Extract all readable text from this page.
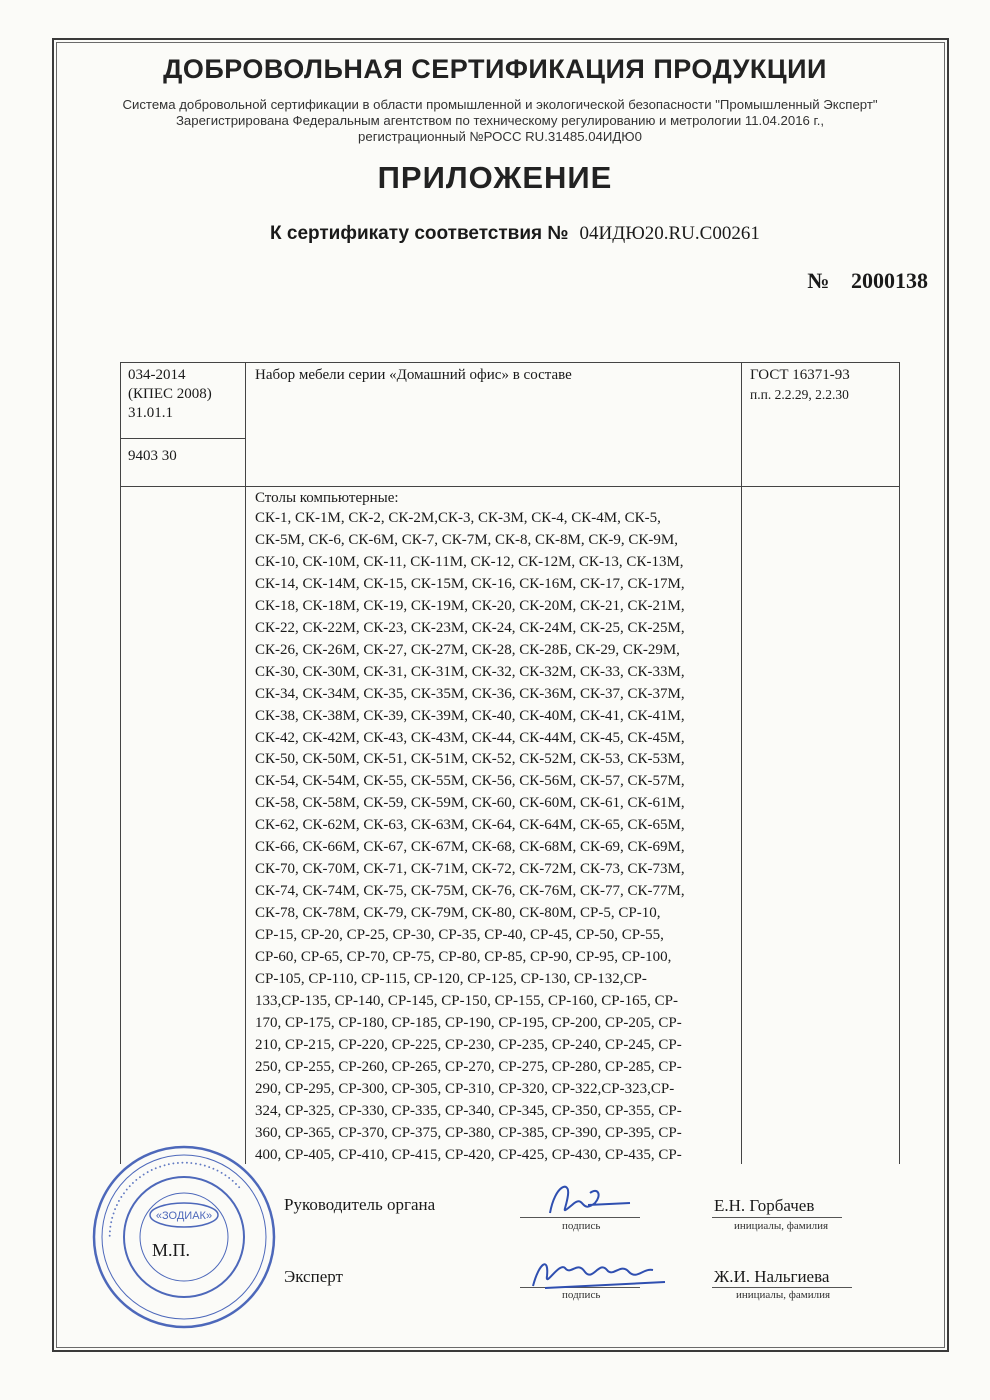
ДОБРОВОЛЬНАЯ СЕРТИФИКАЦИЯ ПРОДУКЦИИ
Система добровольной сертификации в области промышленной и экологической безопасности "Промышленный Эксперт"
Зарегистрирована Федеральным агентством по техническому регулированию и метрологии 11.04.2016 г.,
регистрационный №РОСС RU.31485.04ИДЮ0
ПРИЛОЖЕНИЕ
К сертификату соответствия № 04ИДЮ20.RU.C00261
№ 2000138
034-2014
(КПЕС 2008)
31.01.1
9403 30
Набор мебели серии «Домашний офис» в составе	ГОСТ 16371-93
п.п. 2.2.29, 2.2.30
Столы компьютерные:
СК-1, СК-1М, СК-2, СК-2М,СК-3, СК-3М, СК-4, СК-4М, СК-5,
СК-5М, СК-6, СК-6М, СК-7, СК-7М, СК-8, СК-8М, СК-9, СК-9М,
СК-10, СК-10М, СК-11, СК-11М, СК-12, СК-12М, СК-13, СК-13М,
СК-14, СК-14М, СК-15, СК-15М, СК-16, СК-16М, СК-17, СК-17М,
СК-18, СК-18М, СК-19, СК-19М, СК-20, СК-20М, СК-21, СК-21М,
СК-22, СК-22М, СК-23, СК-23М, СК-24, СК-24М, СК-25, СК-25М,
СК-26, СК-26М, СК-27, СК-27М, СК-28, СК-28Б, СК-29, СК-29М,
СК-30, СК-30М, СК-31, СК-31М, СК-32, СК-32М, СК-33, СК-33М,
СК-34, СК-34М, СК-35, СК-35М, СК-36, СК-36М, СК-37, СК-37М,
СК-38, СК-38М, СК-39, СК-39М, СК-40, СК-40М, СК-41, СК-41М,
СК-42, СК-42М, СК-43, СК-43М, СК-44, СК-44М, СК-45, СК-45М,
СК-50, СК-50М, СК-51, СК-51М, СК-52, СК-52М, СК-53, СК-53М,
СК-54, СК-54М, СК-55, СК-55М, СК-56, СК-56М, СК-57, СК-57М,
СК-58, СК-58М, СК-59, СК-59М, СК-60, СК-60М, СК-61, СК-61М,
СК-62, СК-62М, СК-63, СК-63М, СК-64, СК-64М, СК-65, СК-65М,
СК-66, СК-66М, СК-67, СК-67М, СК-68, СК-68М, СК-69, СК-69М,
СК-70, СК-70М, СК-71, СК-71М, СК-72, СК-72М, СК-73, СК-73М,
СК-74, СК-74М, СК-75, СК-75М, СК-76, СК-76М, СК-77, СК-77М,
СК-78, СК-78М, СК-79, СК-79М, СК-80, СК-80М, СР-5, СР-10,
СР-15, СР-20, СР-25, СР-30, СР-35, СР-40, СР-45, СР-50, СР-55,
СР-60, СР-65, СР-70, СР-75, СР-80, СР-85, СР-90, СР-95, СР-100,
СР-105, СР-110, СР-115, СР-120, СР-125, СР-130, СР-132,СР-
133,СР-135, СР-140, СР-145, СР-150, СР-155, СР-160, СР-165, СР-
170, СР-175, СР-180, СР-185, СР-190, СР-195, СР-200, СР-205, СР-
210, СР-215, СР-220, СР-225, СР-230, СР-235, СР-240, СР-245, СР-
250, СР-255, СР-260, СР-265, СР-270, СР-275, СР-280, СР-285, СР-
290, СР-295, СР-300, СР-305, СР-310, СР-320, СР-322,СР-323,СР-
324, СР-325, СР-330, СР-335, СР-340, СР-345, СР-350, СР-355, СР-
360, СР-365, СР-370, СР-375, СР-380, СР-385, СР-390, СР-395, СР-
400, СР-405, СР-410, СР-415, СР-420, СР-425, СР-430, СР-435, СР-
• • • • • • • • • • • • • • • • • • • • • • • • • • • • • • • • • • • • • • • •
«ЗОДИАК»
М.П.
Руководитель органа
подпись
Е.Н. Горбачев
инициалы, фамилия
Эксперт
подпись
Ж.И. Нальгиева
инициалы, фамилия
